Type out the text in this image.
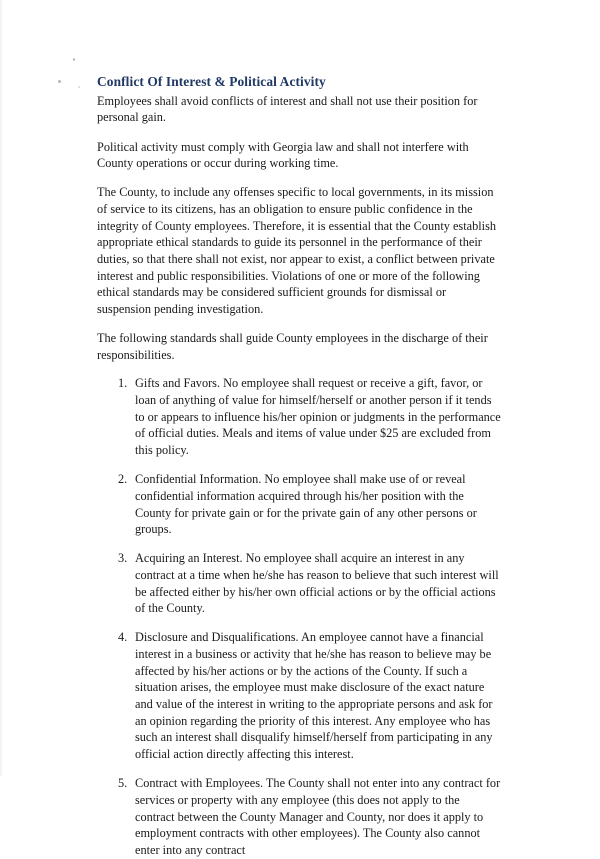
Conflict Of Interest & Political Activity

Employees shall avoid conflicts of interest and shall not use their position for personal gain.

Political activity must comply with Georgia law and shall not interfere with County operations or occur during working time.

The County, to include any offenses specific to local governments, in its mission of service to its citizens, has an obligation to ensure public confidence in the integrity of County employees. Therefore, it is essential that the County establish appropriate ethical standards to guide its personnel in the performance of their duties, so that there shall not exist, nor appear to exist, a conflict between private interest and public responsibilities. Violations of one or more of the following ethical standards may be considered sufficient grounds for dismissal or suspension pending investigation.

The following standards shall guide County employees in the discharge of their responsibilities.

1. Gifts and Favors. No employee shall request or receive a gift, favor, or loan of anything of value for himself/herself or another person if it tends to or appears to influence his/her opinion or judgments in the performance of official duties. Meals and items of value under $25 are excluded from this policy.
2. Confidential Information. No employee shall make use of or reveal confidential information acquired through his/her position with the County for private gain or for the private gain of any other persons or groups.
3. Acquiring an Interest. No employee shall acquire an interest in any contract at a time when he/she has reason to believe that such interest will be affected either by his/her own official actions or by the official actions of the County.
4. Disclosure and Disqualifications. An employee cannot have a financial interest in a business or activity that he/she has reason to believe may be affected by his/her actions or by the actions of the County. If such a situation arises, the employee must make disclosure of the exact nature and value of the interest in writing to the appropriate persons and ask for an opinion regarding the priority of this interest. Any employee who has such an interest shall disqualify himself/herself from participating in any official action directly affecting this interest.
5. Contract with Employees. The County shall not enter into any contract for services or property with any employee (this does not apply to the contract between the County Manager and County, nor does it apply to employment contracts with other employees). The County also cannot enter into any contract
